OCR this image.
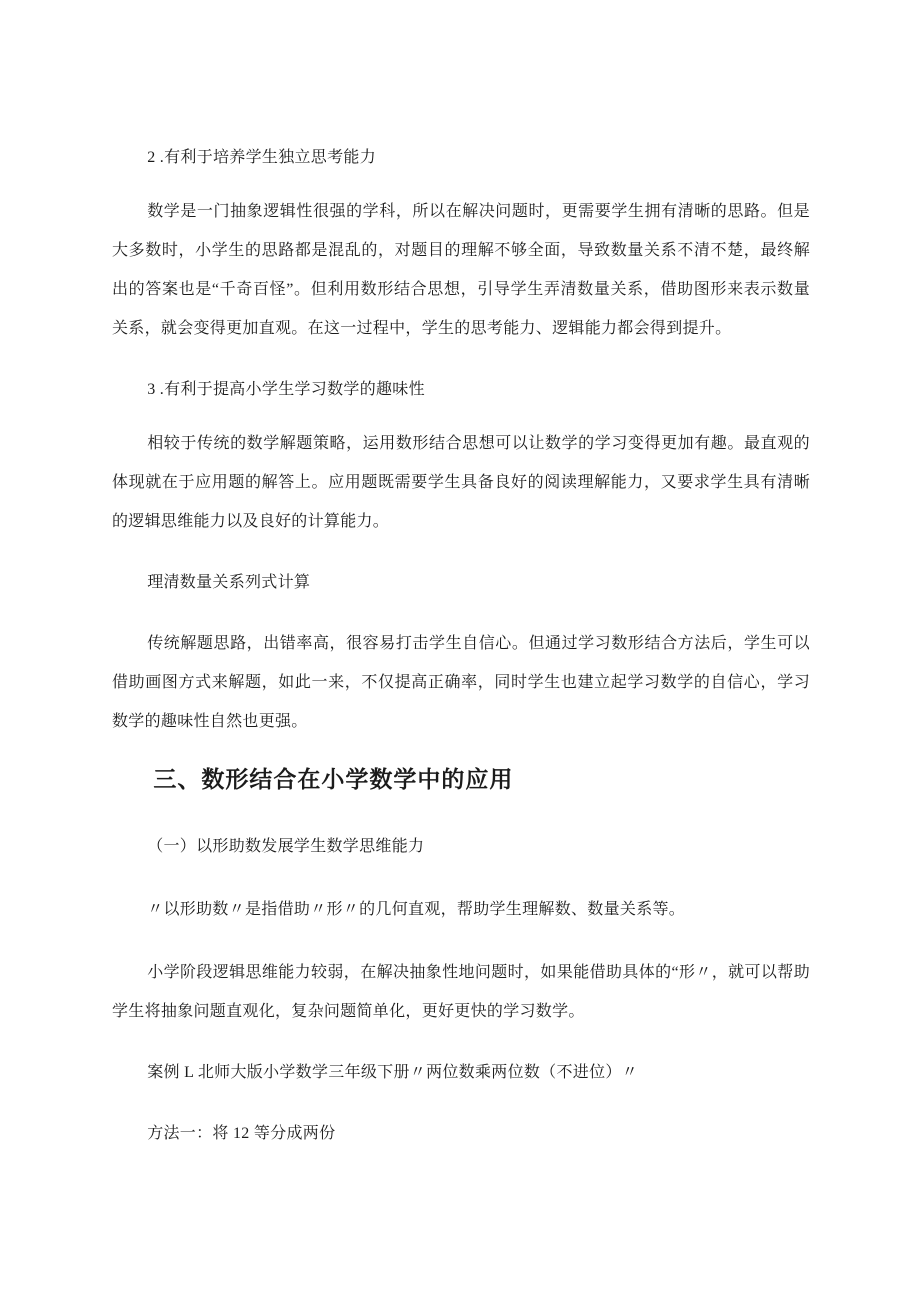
2 .有利于培养学生独立思考能力

数学是一门抽象逻辑性很强的学科，所以在解决问题时，更需要学生拥有清晰的思路。但是大多数时，小学生的思路都是混乱的，对题目的理解不够全面，导致数量关系不清不楚，最终解出的答案也是“千奇百怪”。但利用数形结合思想，引导学生弄清数量关系，借助图形来表示数量关系，就会变得更加直观。在这一过程中，学生的思考能力、逻辑能力都会得到提升。

3 .有利于提高小学生学习数学的趣味性

相较于传统的数学解题策略，运用数形结合思想可以让数学的学习变得更加有趣。最直观的体现就在于应用题的解答上。应用题既需要学生具备良好的阅读理解能力，又要求学生具有清晰的逻辑思维能力以及良好的计算能力。

理清数量关系列式计算

传统解题思路，出错率高，很容易打击学生自信心。但通过学习数形结合方法后，学生可以借助画图方式来解题，如此一来，不仅提高正确率，同时学生也建立起学习数学的自信心，学习数学的趣味性自然也更强。

三、数形结合在小学数学中的应用

（一）以形助数发展学生数学思维能力

〃以形助数〃是指借助〃形〃的几何直观，帮助学生理解数、数量关系等。

小学阶段逻辑思维能力较弱，在解决抽象性地问题时，如果能借助具体的“形〃，就可以帮助学生将抽象问题直观化，复杂问题简单化，更好更快的学习数学。

案例 L 北师大版小学数学三年级下册〃两位数乘两位数（不进位）〃

方法一：将 12 等分成两份
